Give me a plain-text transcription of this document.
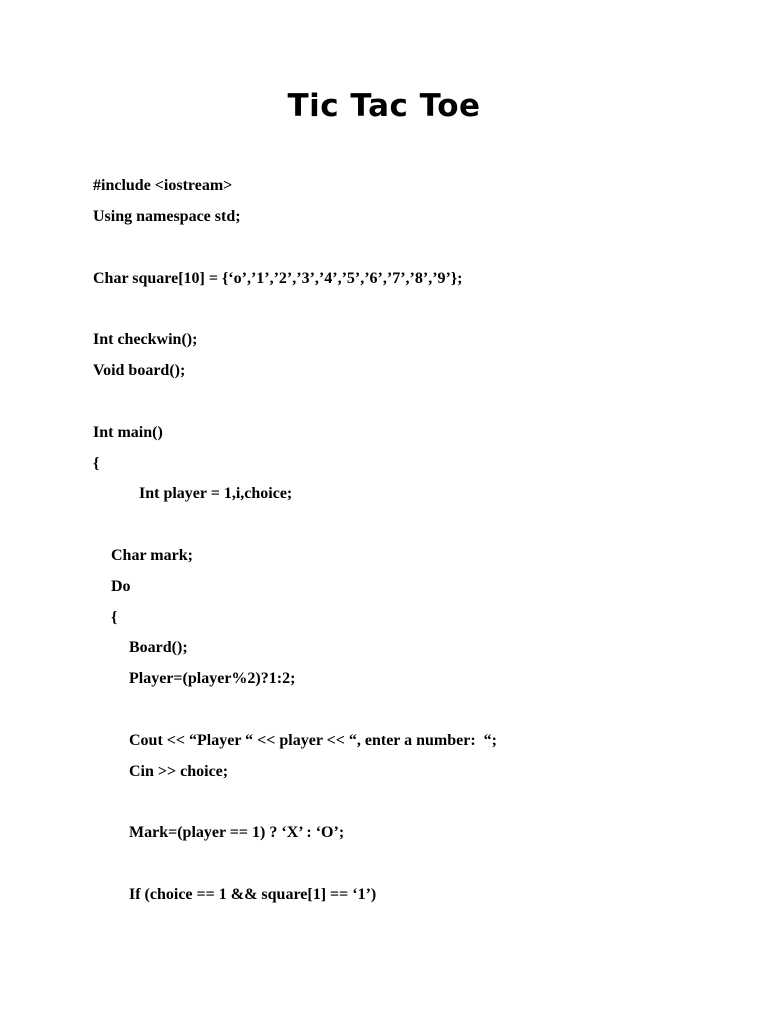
Tic Tac Toe
#include <iostream>
Using namespace std;
Char square[10] = {‘o’,’1’,’2’,’3’,’4’,’5’,’6’,’7’,’8’,’9’};
Int checkwin();
Void board();
Int main()
{
Int player = 1,i,choice;
Char mark;
Do
{
Board();
Player=(player%2)?1:2;
Cout << “Player “ << player << “, enter a number:  “;
Cin >> choice;
Mark=(player == 1) ? ‘X’ : ‘O’;
If (choice == 1 && square[1] == ‘1’)
